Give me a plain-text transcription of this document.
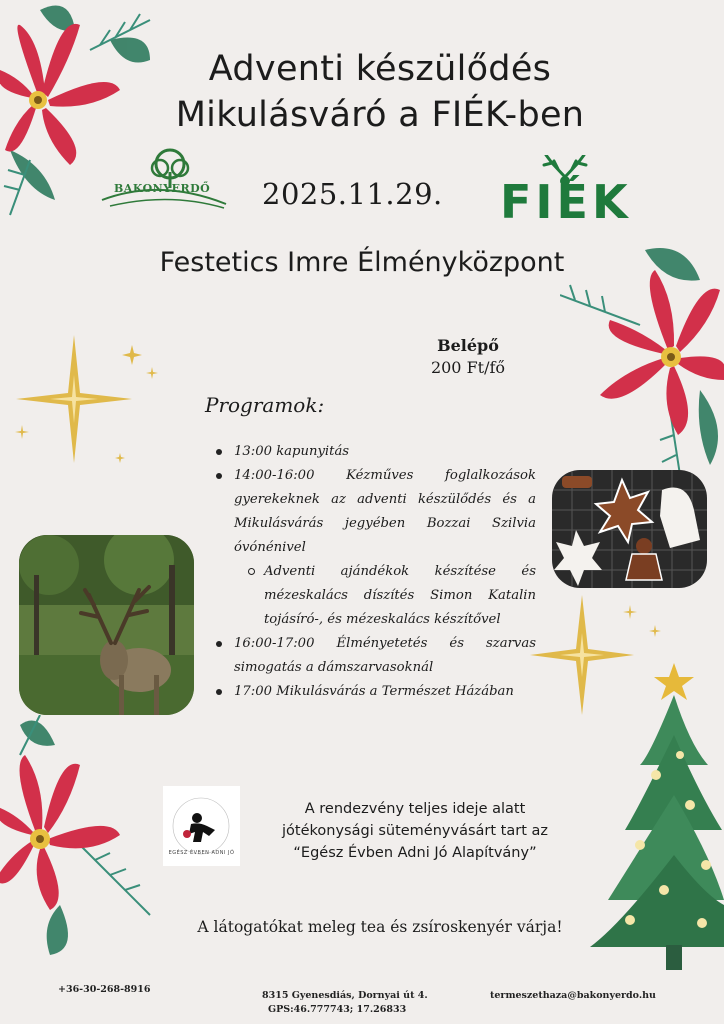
Adventi készülődés
Mikulásváró a FIÉK-ben
BAKONYERDŐ 2025.11.29. FIÉK
Festetics Imre Élményközpont
Belépő
200 Ft/fő
Programok:
13:00 kapunyitás
14:00-16:00 Kézműves foglalkozások gyerekeknek az adventi készülődés és a Mikulásvárás jegyében Bozzai Szilvia óvónénivel
Adventi ajándékok készítése és mézeskalács díszítés Simon Katalin tojásíró-, és mézeskalács készítővel
16:00-17:00 Élményetetés és szarvas simogatás a dámszarvasoknál
17:00 Mikulásvárás a Természet Házában
EGÉSZ ÉVBEN ADNI JÓ
A rendezvény teljes ideje alatt
jótékonysági süteményvásárt tart az
“Egész Évben Adni Jó Alapítvány”
A látogatókat meleg tea és zsíroskenyér várja!
+36-30-268-8916
8315 Gyenesdiás, Dornyai út 4.
GPS:46.777743; 17.26833
termeszethaza@bakonyerdo.hu
